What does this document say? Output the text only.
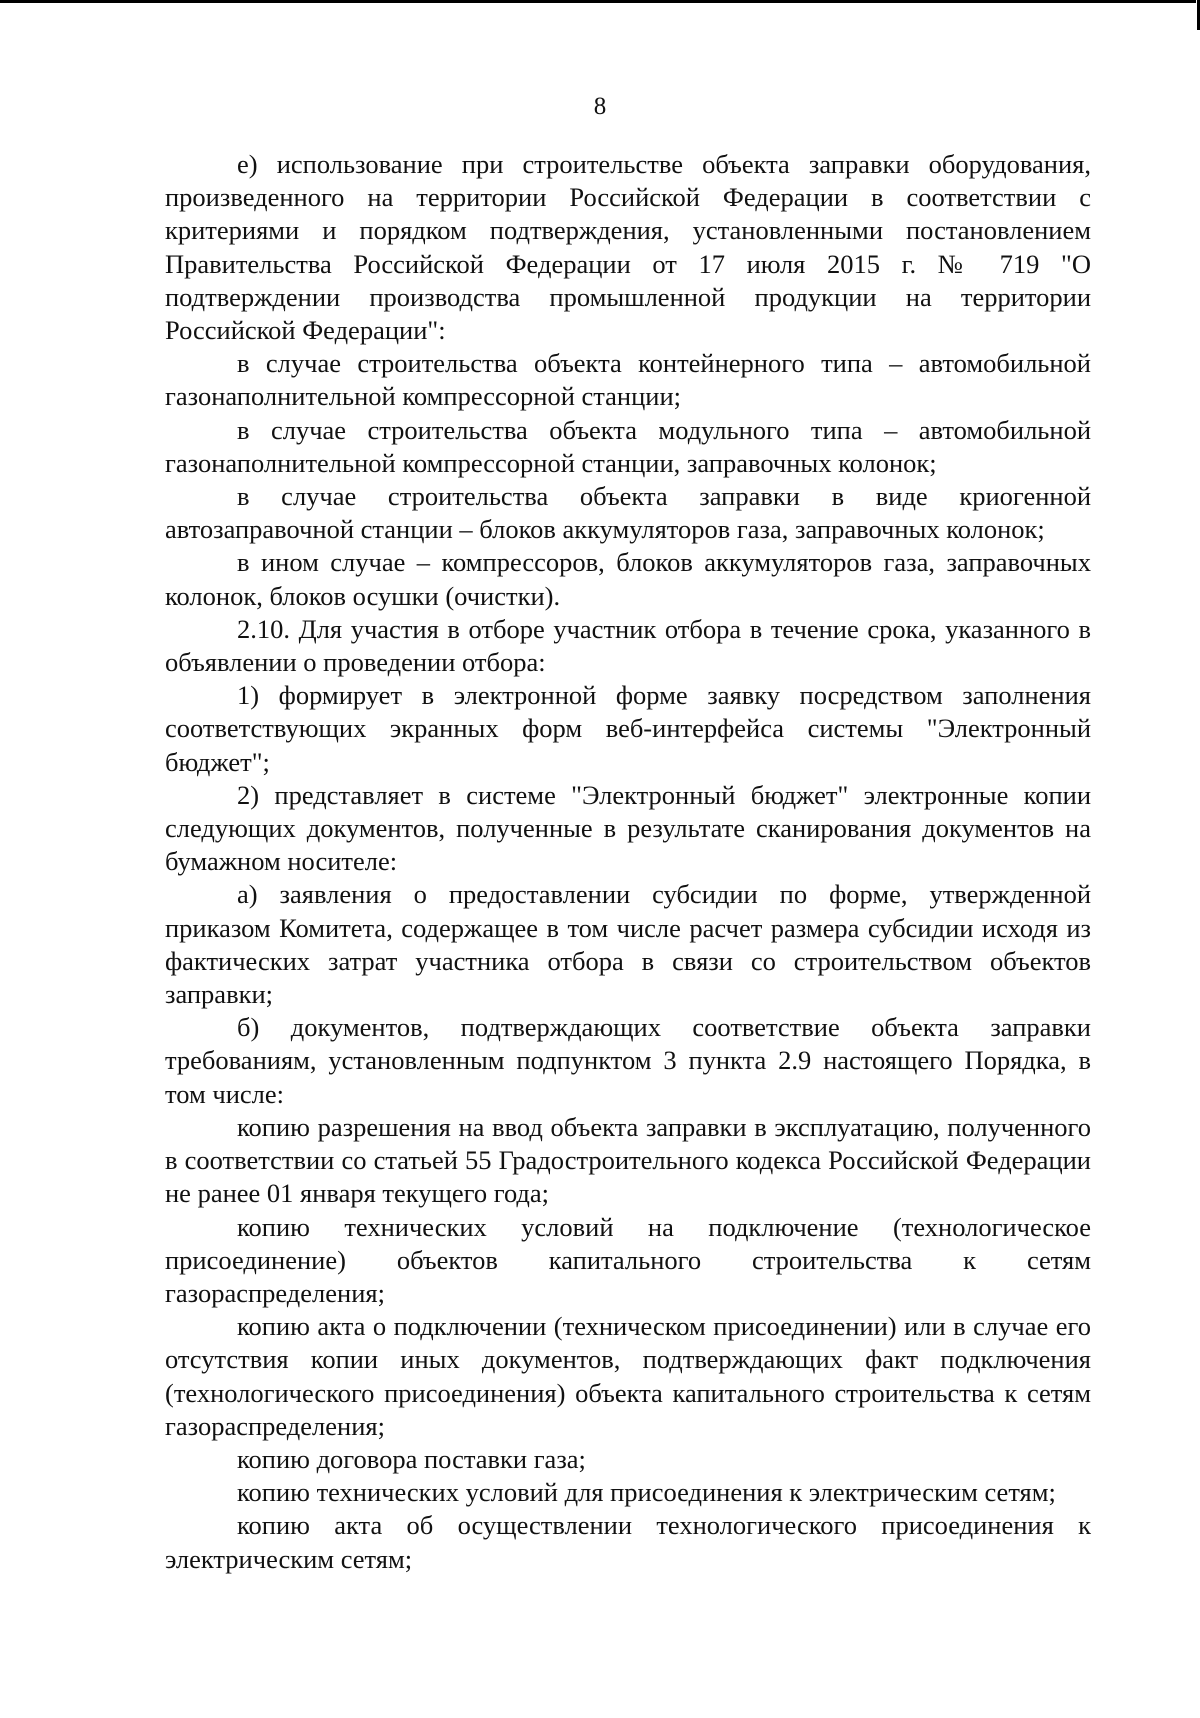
8

е) использование при строительстве объекта заправки оборудования, произведенного на территории Российской Федерации в соответствии с критериями и порядком подтверждения, установленными постановлением Правительства Российской Федерации от 17 июля 2015 г. № 719 "О подтверждении производства промышленной продукции на территории Российской Федерации":

в случае строительства объекта контейнерного типа – автомобильной газонаполнительной компрессорной станции;

в случае строительства объекта модульного типа – автомобильной газонаполнительной компрессорной станции, заправочных колонок;

в случае строительства объекта заправки в виде криогенной автозаправочной станции – блоков аккумуляторов газа, заправочных колонок;

в ином случае – компрессоров, блоков аккумуляторов газа, заправочных колонок, блоков осушки (очистки).

2.10. Для участия в отборе участник отбора в течение срока, указанного в объявлении о проведении отбора:

1) формирует в электронной форме заявку посредством заполнения соответствующих экранных форм веб-интерфейса системы "Электронный бюджет";

2) представляет в системе "Электронный бюджет" электронные копии следующих документов, полученные в результате сканирования документов на бумажном носителе:

а) заявления о предоставлении субсидии по форме, утвержденной приказом Комитета, содержащее в том числе расчет размера субсидии исходя из фактических затрат участника отбора в связи со строительством объектов заправки;

б) документов, подтверждающих соответствие объекта заправки требованиям, установленным подпунктом 3 пункта 2.9 настоящего Порядка, в том числе:

копию разрешения на ввод объекта заправки в эксплуатацию, полученного в соответствии со статьей 55 Градостроительного кодекса Российской Федерации не ранее 01 января текущего года;

копию технических условий на подключение (технологическое присоединение) объектов капитального строительства к сетям газораспределения;

копию акта о подключении (техническом присоединении) или в случае его отсутствия копии иных документов, подтверждающих факт подключения (технологического присоединения) объекта капитального строительства к сетям газораспределения;

копию договора поставки газа;

копию технических условий для присоединения к электрическим сетям;

копию акта об осуществлении технологического присоединения к электрическим сетям;
